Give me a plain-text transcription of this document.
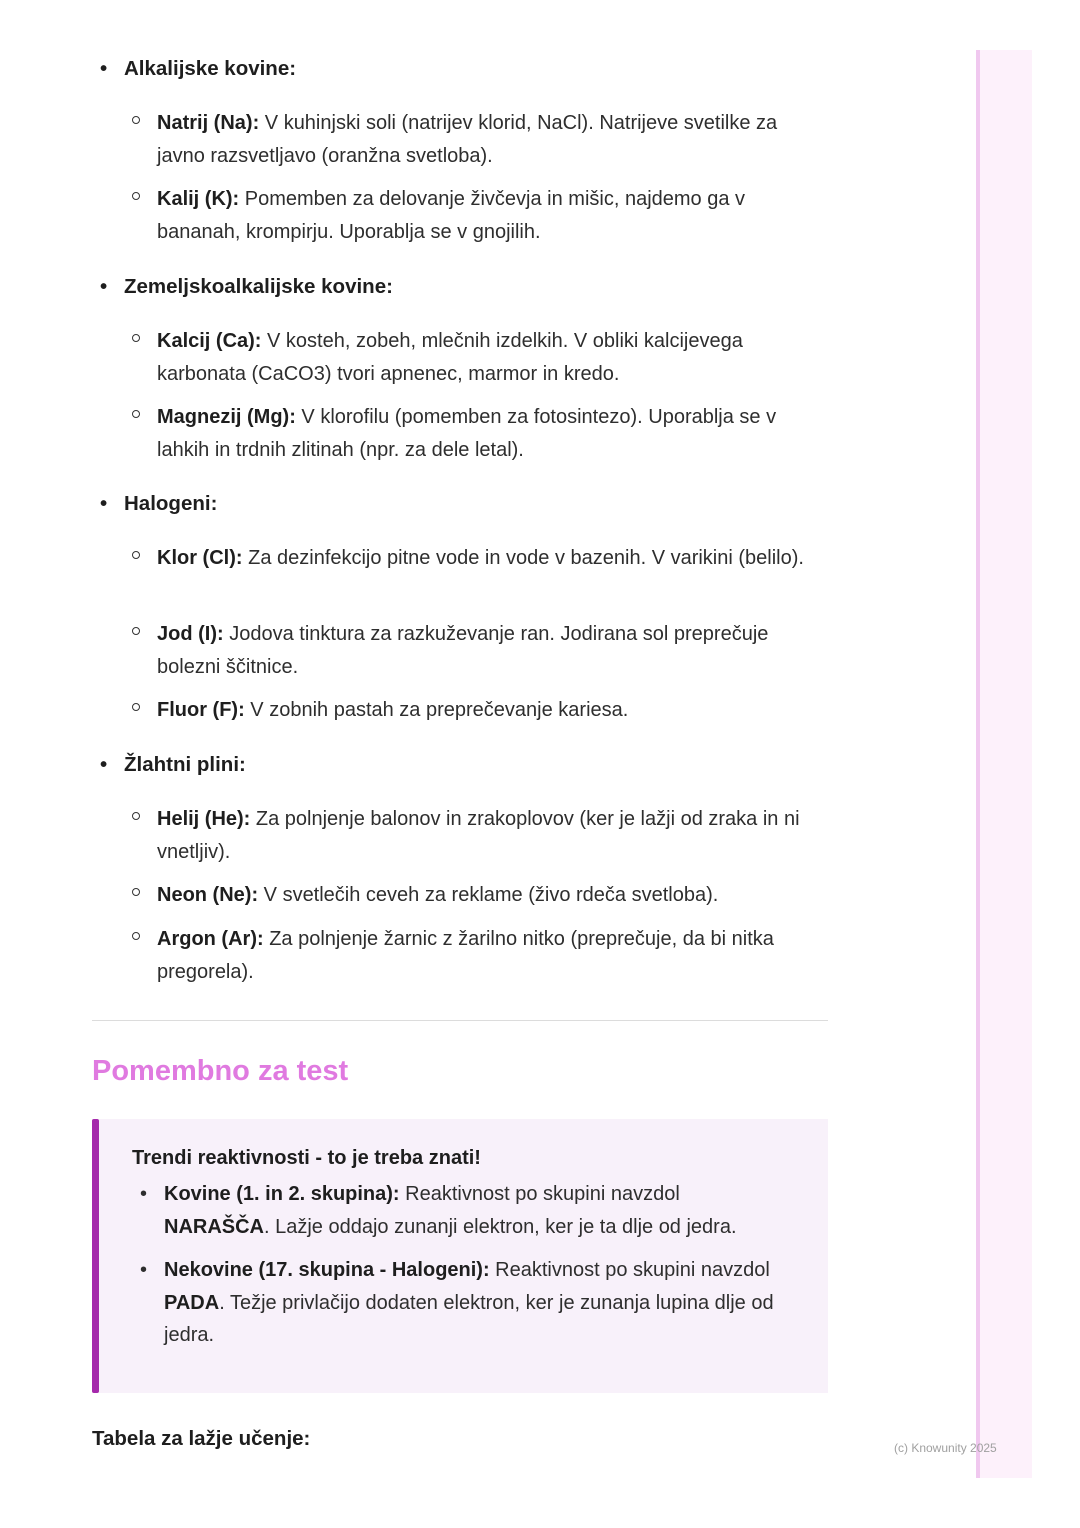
(c) Knowunity 2025
• Alkalijske kovine:
Natrij (Na): V kuhinjski soli (natrijev klorid, NaCl). Natrijeve svetilke za javno razsvetljavo (oranžna svetloba).
Kalij (K): Pomemben za delovanje živčevja in mišic, najdemo ga v bananah, krompirju. Uporablja se v gnojilih.
• Zemeljskoalkalijske kovine:
Kalcij (Ca): V kosteh, zobeh, mlečnih izdelkih. V obliki kalcijevega karbonata (CaCO3) tvori apnenec, marmor in kredo.
Magnezij (Mg): V klorofilu (pomemben za fotosintezo). Uporablja se v lahkih in trdnih zlitinah (npr. za dele letal).
• Halogeni:
Klor (Cl): Za dezinfekcijo pitne vode in vode v bazenih. V varikini (belilo).
Jod (I): Jodova tinktura za razkuževanje ran. Jodirana sol preprečuje bolezni ščitnice.
Fluor (F): V zobnih pastah za preprečevanje kariesa.
• Žlahtni plini:
Helij (He): Za polnjenje balonov in zrakoplovov (ker je lažji od zraka in ni vnetljiv).
Neon (Ne): V svetlečih ceveh za reklame (živo rdeča svetloba).
Argon (Ar): Za polnjenje žarnic z žarilno nitko (preprečuje, da bi nitka pregorela).
Pomembno za test
Trendi reaktivnosti - to je treba znati!
• Kovine (1. in 2. skupina): Reaktivnost po skupini navzdol NARAŠČA. Lažje oddajo zunanji elektron, ker je ta dlje od jedra.
• Nekovine (17. skupina - Halogeni): Reaktivnost po skupini navzdol PADA. Težje privlačijo dodaten elektron, ker je zunanja lupina dlje od jedra.
Tabela za lažje učenje:
